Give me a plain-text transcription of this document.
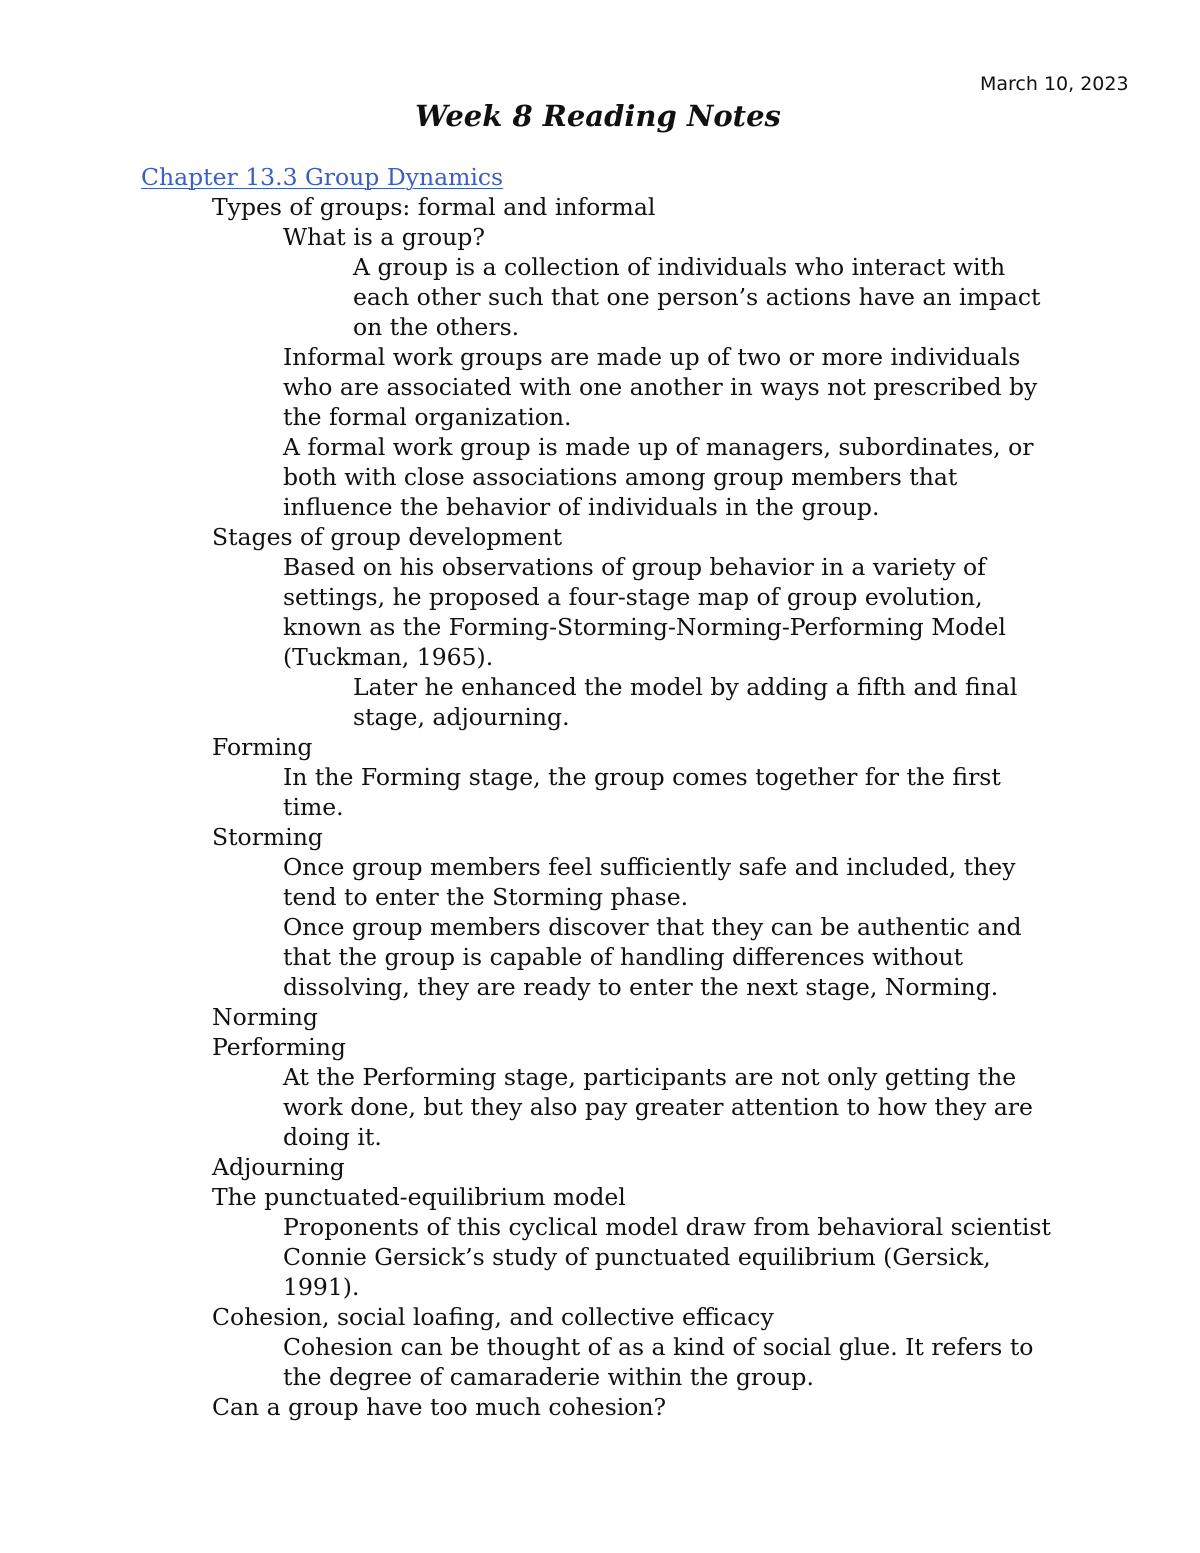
March 10, 2023
Week 8 Reading Notes
Chapter 13.3 Group Dynamics
Types of groups: formal and informal
What is a group?
A group is a collection of individuals who interact with
each other such that one person’s actions have an impact
on the others.
Informal work groups are made up of two or more individuals
who are associated with one another in ways not prescribed by
the formal organization.
A formal work group is made up of managers, subordinates, or
both with close associations among group members that
influence the behavior of individuals in the group.
Stages of group development
Based on his observations of group behavior in a variety of
settings, he proposed a four-stage map of group evolution,
known as the Forming-Storming-Norming-Performing Model
(Tuckman, 1965).
Later he enhanced the model by adding a fifth and final
stage, adjourning.
Forming
In the Forming stage, the group comes together for the first
time.
Storming
Once group members feel sufficiently safe and included, they
tend to enter the Storming phase.
Once group members discover that they can be authentic and
that the group is capable of handling differences without
dissolving, they are ready to enter the next stage, Norming.
Norming
Performing
At the Performing stage, participants are not only getting the
work done, but they also pay greater attention to how they are
doing it.
Adjourning
The punctuated-equilibrium model
Proponents of this cyclical model draw from behavioral scientist
Connie Gersick’s study of punctuated equilibrium (Gersick,
1991).
Cohesion, social loafing, and collective efficacy
Cohesion can be thought of as a kind of social glue. It refers to
the degree of camaraderie within the group.
Can a group have too much cohesion?
